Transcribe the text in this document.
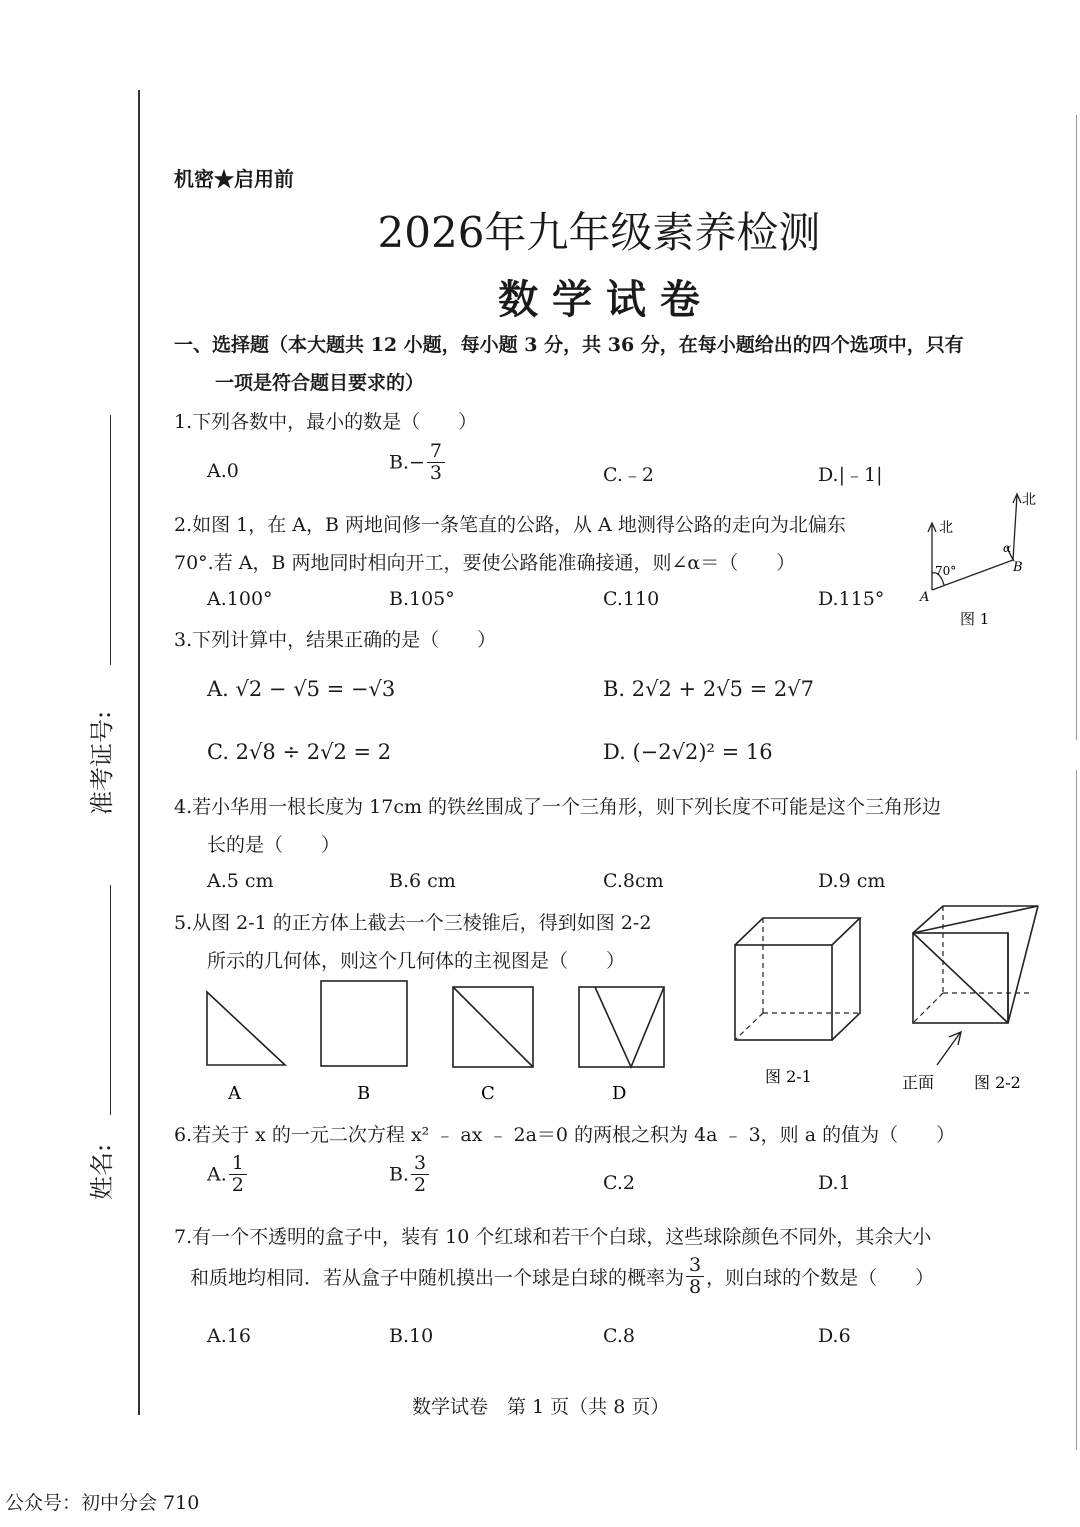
准考证号:
姓名:
机密★启用前
2026年九年级素养检测
数 学 试 卷
一、选择题（本大题共 12 小题，每小题 3 分，共 36 分，在每小题给出的四个选项中，只有
一项是符合题目要求的）
1.下列各数中，最小的数是（　　）
A.0	$B.- \frac{7}{3}$	C.﹣2	D.|﹣1|
2.如图 1，在 A，B 两地间修一条笔直的公路，从 A 地测得公路的走向为北偏东
70°.若 A，B 两地同时相向开工，要使公路能准确接通，则∠α＝（　　）
A.100°	B.105°	C.110	D.115°
北
北
70°
α
A
B
图 1
3.下列计算中，结果正确的是（　　）
A. √2 − √5 = −√3	B. 2√2 + 2√5 = 2√7
C. 2√8 ÷ 2√2 = 2	D. (−2√2)² = 16
4.若小华用一根长度为 17cm 的铁丝围成了一个三角形，则下列长度不可能是这个三角形边
长的是（　　）
A.5 cm	B.6 cm	C.8cm	D.9 cm
5.从图 2-1 的正方体上截去一个三棱锥后，得到如图 2-2
所示的几何体，则这个几何体的主视图是（　　）
A	B	C	D
图 2-1	正面 图 2-2
6.若关于 x 的一元二次方程 x² ﹣ ax ﹣ 2a＝0 的两根之积为 4a ﹣ 3，则 a 的值为（　　）
A. $\frac{1}{2}$	B. $\frac{3}{2}$	C.2	D.1
7.有一个不透明的盒子中，装有 10 个红球和若干个白球，这些球除颜色不同外，其余大小
和质地均相同．若从盒子中随机摸出一个球是白球的概率为 $\frac{3}{8}$ ，则白球的个数是（　　）
A.16	B.10	C.8	D.6
数学试卷　第 1 页（共 8 页）
公众号：初中分会 710
